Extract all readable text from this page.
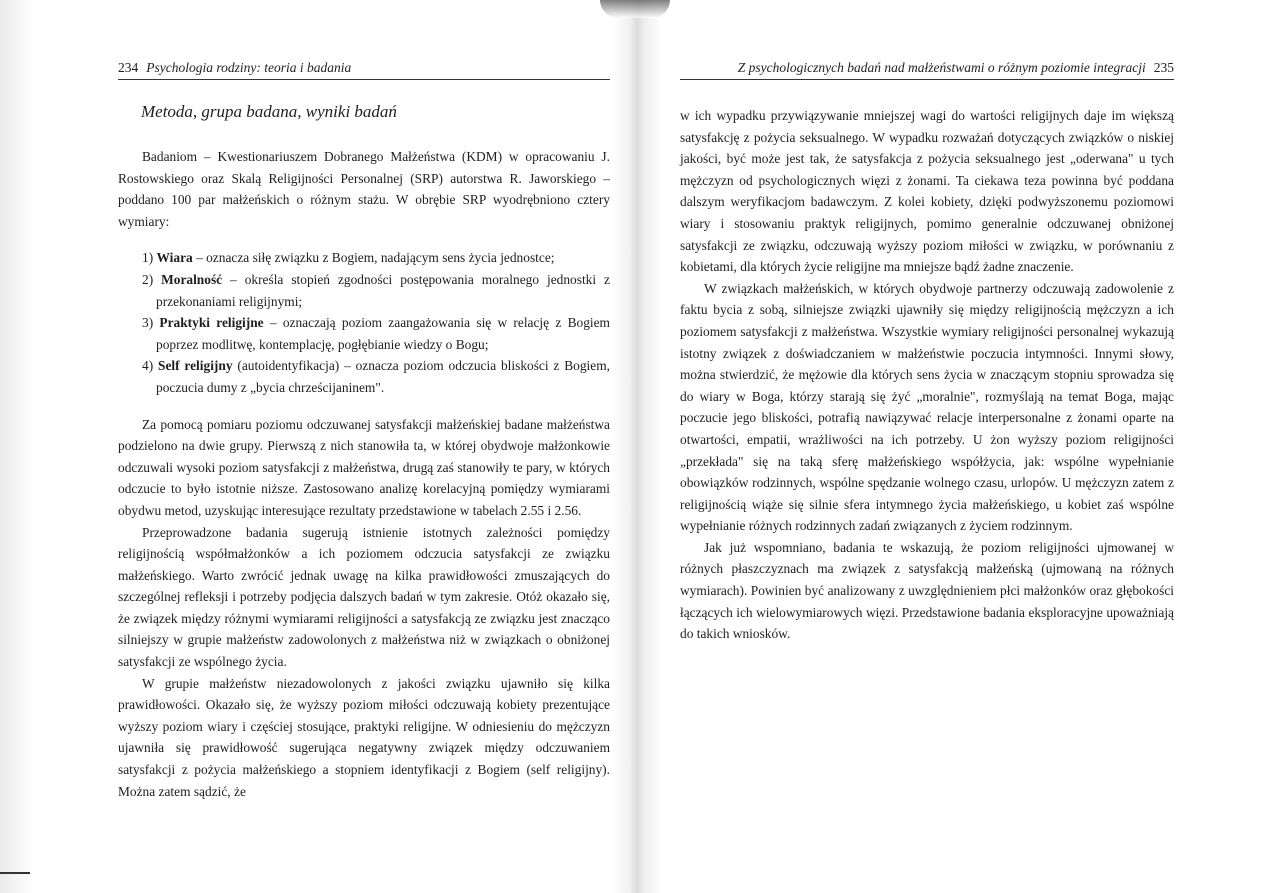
234 Psychologia rodziny: teoria i badania
Metoda, grupa badana, wyniki badań

Badaniom – Kwestionariuszem Dobranego Małżeństwa (KDM) w opracowaniu J. Rostowskiego oraz Skalą Religijności Personalnej (SRP) autorstwa R. Jaworskiego – poddano 100 par małżeńskich o różnym stażu. W obrębie SRP wyodrębniono cztery wymiary:

1) Wiara – oznacza siłę związku z Bogiem, nadającym sens życia jednostce;
2) Moralność – określa stopień zgodności postępowania moralnego jednostki z przekonaniami religijnymi;
3) Praktyki religijne – oznaczają poziom zaangażowania się w relację z Bogiem poprzez modlitwę, kontemplację, pogłębianie wiedzy o Bogu;
4) Self religijny (autoidentyfikacja) – oznacza poziom odczucia bliskości z Bogiem, poczucia dumy z „bycia chrześcijaninem".

Za pomocą pomiaru poziomu odczuwanej satysfakcji małżeńskiej badane małżeństwa podzielono na dwie grupy. Pierwszą z nich stanowiła ta, w której obydwoje małżonkowie odczuwali wysoki poziom satysfakcji z małżeństwa, drugą zaś stanowiły te pary, w których odczucie to było istotnie niższe. Zastosowano analizę korelacyjną pomiędzy wymiarami obydwu metod, uzyskując interesujące rezultaty przedstawione w tabelach 2.55 i 2.56.

Przeprowadzone badania sugerują istnienie istotnych zależności pomiędzy religijnością współmałżonków a ich poziomem odczucia satysfakcji ze związku małżeńskiego. Warto zwrócić jednak uwagę na kilka prawidłowości zmuszających do szczególnej refleksji i potrzeby podjęcia dalszych badań w tym zakresie. Otóż okazało się, że związek między różnymi wymiarami religijności a satysfakcją ze związku jest znacząco silniejszy w grupie małżeństw zadowolonych z małżeństwa niż w związkach o obniżonej satysfakcji ze wspólnego życia.

W grupie małżeństw niezadowolonych z jakości związku ujawniło się kilka prawidłowości. Okazało się, że wyższy poziom miłości odczuwają kobiety prezentujące wyższy poziom wiary i częściej stosujące, praktyki religijne. W odniesieniu do mężczyzn ujawniła się prawidłowość sugerująca negatywny związek między odczuwaniem satysfakcji z pożycia małżeńskiego a stopniem identyfikacji z Bogiem (self religijny). Można zatem sądzić, że

Z psychologicznych badań nad małżeństwami o różnym poziomie integracji 235

w ich wypadku przywiązywanie mniejszej wagi do wartości religijnych daje im większą satysfakcję z pożycia seksualnego. W wypadku rozważań dotyczących związków o niskiej jakości, być może jest tak, że satysfakcja z pożycia seksualnego jest „oderwana" u tych mężczyzn od psychologicznych więzi z żonami. Ta ciekawa teza powinna być poddana dalszym weryfikacjom badawczym. Z kolei kobiety, dzięki podwyższonemu poziomowi wiary i stosowaniu praktyk religijnych, pomimo generalnie odczuwanej obniżonej satysfakcji ze związku, odczuwają wyższy poziom miłości w związku, w porównaniu z kobietami, dla których życie religijne ma mniejsze bądź żadne znaczenie.

W związkach małżeńskich, w których obydwoje partnerzy odczuwają zadowolenie z faktu bycia z sobą, silniejsze związki ujawniły się między religijnością mężczyzn a ich poziomem satysfakcji z małżeństwa. Wszystkie wymiary religijności personalnej wykazują istotny związek z doświadczaniem w małżeństwie poczucia intymności. Innymi słowy, można stwierdzić, że mężowie dla których sens życia w znaczącym stopniu sprowadza się do wiary w Boga, którzy starają się żyć „moralnie", rozmyślają na temat Boga, mając poczucie jego bliskości, potrafią nawiązywać relacje interpersonalne z żonami oparte na otwartości, empatii, wrażliwości na ich potrzeby. U żon wyższy poziom religijności „przekłada" się na taką sferę małżeńskiego współżycia, jak: wspólne wypełnianie obowiązków rodzinnych, wspólne spędzanie wolnego czasu, urlopów. U mężczyzn zatem z religijnością wiąże się silnie sfera intymnego życia małżeńskiego, u kobiet zaś wspólne wypełnianie różnych rodzinnych zadań związanych z życiem rodzinnym.

Jak już wspomniano, badania te wskazują, że poziom religijności ujmowanej w różnych płaszczyznach ma związek z satysfakcją małżeńską (ujmowaną na różnych wymiarach). Powinien być analizowany z uwzględnieniem płci małżonków oraz głębokości łączących ich wielowymiarowych więzi. Przedstawione badania eksploracyjne upoważniają do takich wniosków.
